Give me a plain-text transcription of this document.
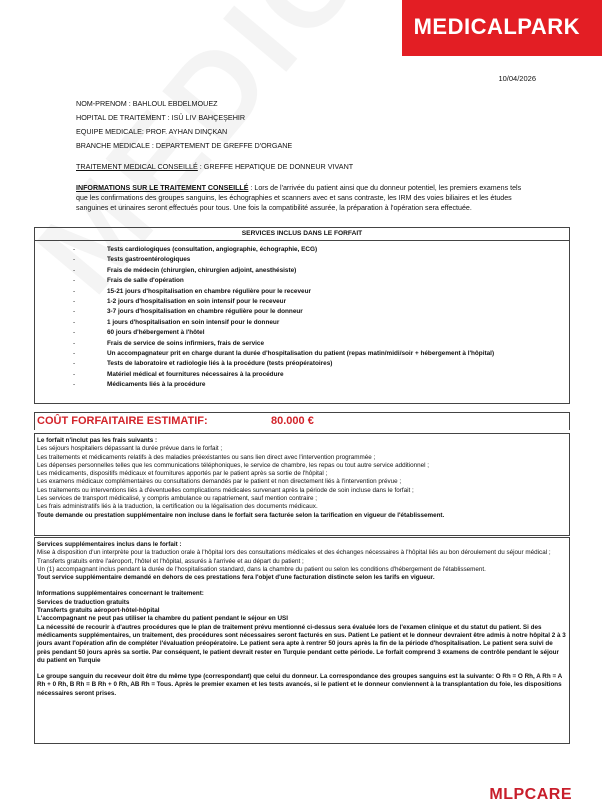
MEDICALPARK
10/04/2026
NOM-PRENOM : BAHLOUL EBDELMOUEZ
HOPITAL DE TRAITEMENT : ISÜ LIV BAHÇEŞEHIR
EQUIPE MEDICALE: PROF. AYHAN DINÇKAN
BRANCHE MEDICALE : DEPARTEMENT DE GREFFE D'ORGANE
TRAITEMENT MEDICAL CONSEILLÉ : GREFFE HEPATIQUE DE DONNEUR VIVANT
INFORMATIONS SUR LE TRAITEMENT CONSEILLÉ : Lors de l'arrivée du patient ainsi que du donneur potentiel, les premiers examens tels que les confirmations des groupes sanguins, les échographies et scanners avec et sans contraste, les IRM des voies biliaires et les études sanguines et urinaires seront effectués pour tous. Une fois la compatibilité assurée, la préparation à l'opération sera effectuée.
SERVICES INCLUS DANS LE FORFAIT
-	Tests cardiologiques (consultation, angiographie, échographie, ECG)
-	Tests gastroentérologiques
-	Frais de médecin (chirurgien, chirurgien adjoint, anesthésiste)
-	Frais de salle d'opération
-	15-21 jours d'hospitalisation en chambre régulière pour le receveur
-	1-2 jours d'hospitalisation en soin intensif pour le receveur
-	3-7 jours d'hospitalisation en chambre régulière pour le donneur
-	1 jours d'hospitalisation en soin intensif pour le donneur
-	60 jours d'hébergement à l'hôtel
-	Frais de service de soins infirmiers, frais de service
-	Un accompagnateur prit en charge durant la durée d'hospitalisation du patient (repas matin/midi/soir + hébergement à l'hôpital)
-	Tests de laboratoire et radiologie liés à la procédure (tests préopératoires)
-	Matériel médical et fournitures nécessaires à la procédure
-	Médicaments liés à la procédure
COÛT FORFAITAIRE ESTIMATIF:	80.000 €
Le forfait n'inclut pas les frais suivants :
Les séjours hospitaliers dépassant la durée prévue dans le forfait ;
Les traitements et médicaments relatifs à des maladies préexistantes ou sans lien direct avec l'intervention programmée ;
Les dépenses personnelles telles que les communications téléphoniques, le service de chambre, les repas ou tout autre service additionnel ;
Les médicaments, dispositifs médicaux et fournitures apportés par le patient après sa sortie de l'hôpital ;
Les examens médicaux complémentaires ou consultations demandés par le patient et non directement liés à l'intervention prévue ;
Les traitements ou interventions liés à d'éventuelles complications médicales survenant après la période de soin incluse dans le forfait ;
Les services de transport médicalisé, y compris ambulance ou rapatriement, sauf mention contraire ;
Les frais administratifs liés à la traduction, la certification ou la légalisation des documents médicaux.
Toute demande ou prestation supplémentaire non incluse dans le forfait sera facturée selon la tarification en vigueur de l'établissement.
Services supplémentaires inclus dans le forfait :
Mise à disposition d'un interprète pour la traduction orale à l'hôpital lors des consultations médicales et des échanges nécessaires à l'hôpital liés au bon déroulement du séjour médical ;
Transferts gratuits entre l'aéroport, l'hôtel et l'hôpital, assurés à l'arrivée et au départ du patient ;
Un (1) accompagnant inclus pendant la durée de l'hospitalisation standard, dans la chambre du patient ou selon les conditions d'hébergement de l'établissement.
Tout service supplémentaire demandé en dehors de ces prestations fera l'objet d'une facturation distincte selon les tarifs en vigueur.
Informations supplémentaires concernant le traitement:
Services de traduction gratuits
Transferts gratuits aéroport-hôtel-hôpital
L'accompagnant ne peut pas utiliser la chambre du patient pendant le séjour en USI
La nécessité de recourir à d'autres procédures que le plan de traitement prévu mentionné ci-dessus sera évaluée lors de l'examen clinique et du statut du patient. Si des médicaments supplémentaires, un traitement, des procédures sont nécessaires seront facturés en sus. Patient Le patient et le donneur devraient être admis à notre hôpital 2 à 3 jours avant l'opération afin de compléter l'évaluation préopératoire. Le patient sera apte à rentrer 50 jours après la fin de la période d'hospitalisation. Le patient sera suivi de près pendant 50 jours après sa sortie. Par conséquent, le patient devrait rester en Turquie pendant cette période. Le forfait comprend 3 examens de contrôle pendant le séjour du patient en Turquie
Le groupe sanguin du receveur doit être du même type (correspondant) que celui du donneur. La correspondance des groupes sanguins est la suivante: O Rh = O Rh, A Rh = A Rh + 0 Rh, B Rh = B Rh + 0 Rh, AB Rh = Tous. Après le premier examen et les tests avancés, si le patient et le donneur conviennent à la transplantation du foie, les dispositions nécessaires seront prises.
MLPCARE
